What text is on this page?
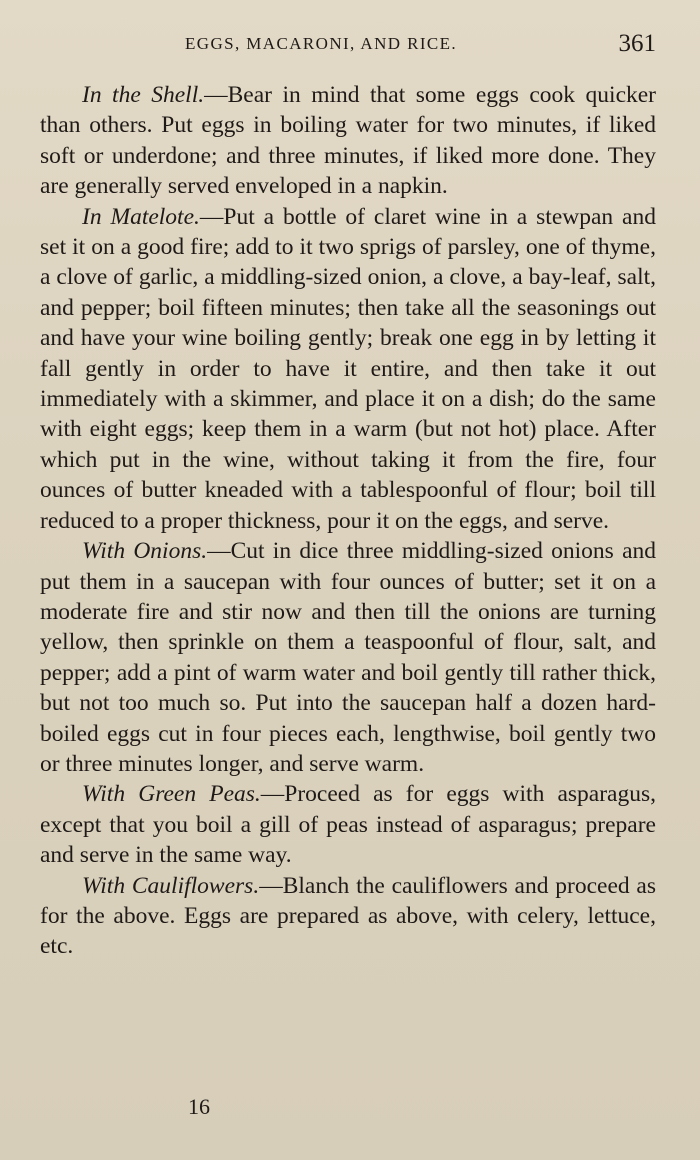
EGGS, MACARONI, AND RICE.	361

In the Shell.—Bear in mind that some eggs cook quicker than others. Put eggs in boiling water for two minutes, if liked soft or underdone; and three minutes, if liked more done. They are generally served enveloped in a napkin.

In Matelote.—Put a bottle of claret wine in a stewpan and set it on a good fire; add to it two sprigs of parsley, one of thyme, a clove of garlic, a middling-sized onion, a clove, a bay-leaf, salt, and pepper; boil fifteen minutes; then take all the seasonings out and have your wine boiling gently; break one egg in by letting it fall gently in order to have it entire, and then take it out immediately with a skimmer, and place it on a dish; do the same with eight eggs; keep them in a warm (but not hot) place. After which put in the wine, without taking it from the fire, four ounces of butter kneaded with a tablespoonful of flour; boil till reduced to a proper thickness, pour it on the eggs, and serve.

With Onions.—Cut in dice three middling-sized onions and put them in a saucepan with four ounces of butter; set it on a moderate fire and stir now and then till the onions are turning yellow, then sprinkle on them a teaspoonful of flour, salt, and pepper; add a pint of warm water and boil gently till rather thick, but not too much so. Put into the saucepan half a dozen hard-boiled eggs cut in four pieces each, lengthwise, boil gently two or three minutes longer, and serve warm.

With Green Peas.—Proceed as for eggs with asparagus, except that you boil a gill of peas instead of asparagus; prepare and serve in the same way.

With Cauliflowers.—Blanch the cauliflowers and proceed as for the above. Eggs are prepared as above, with celery, lettuce, etc.

16
